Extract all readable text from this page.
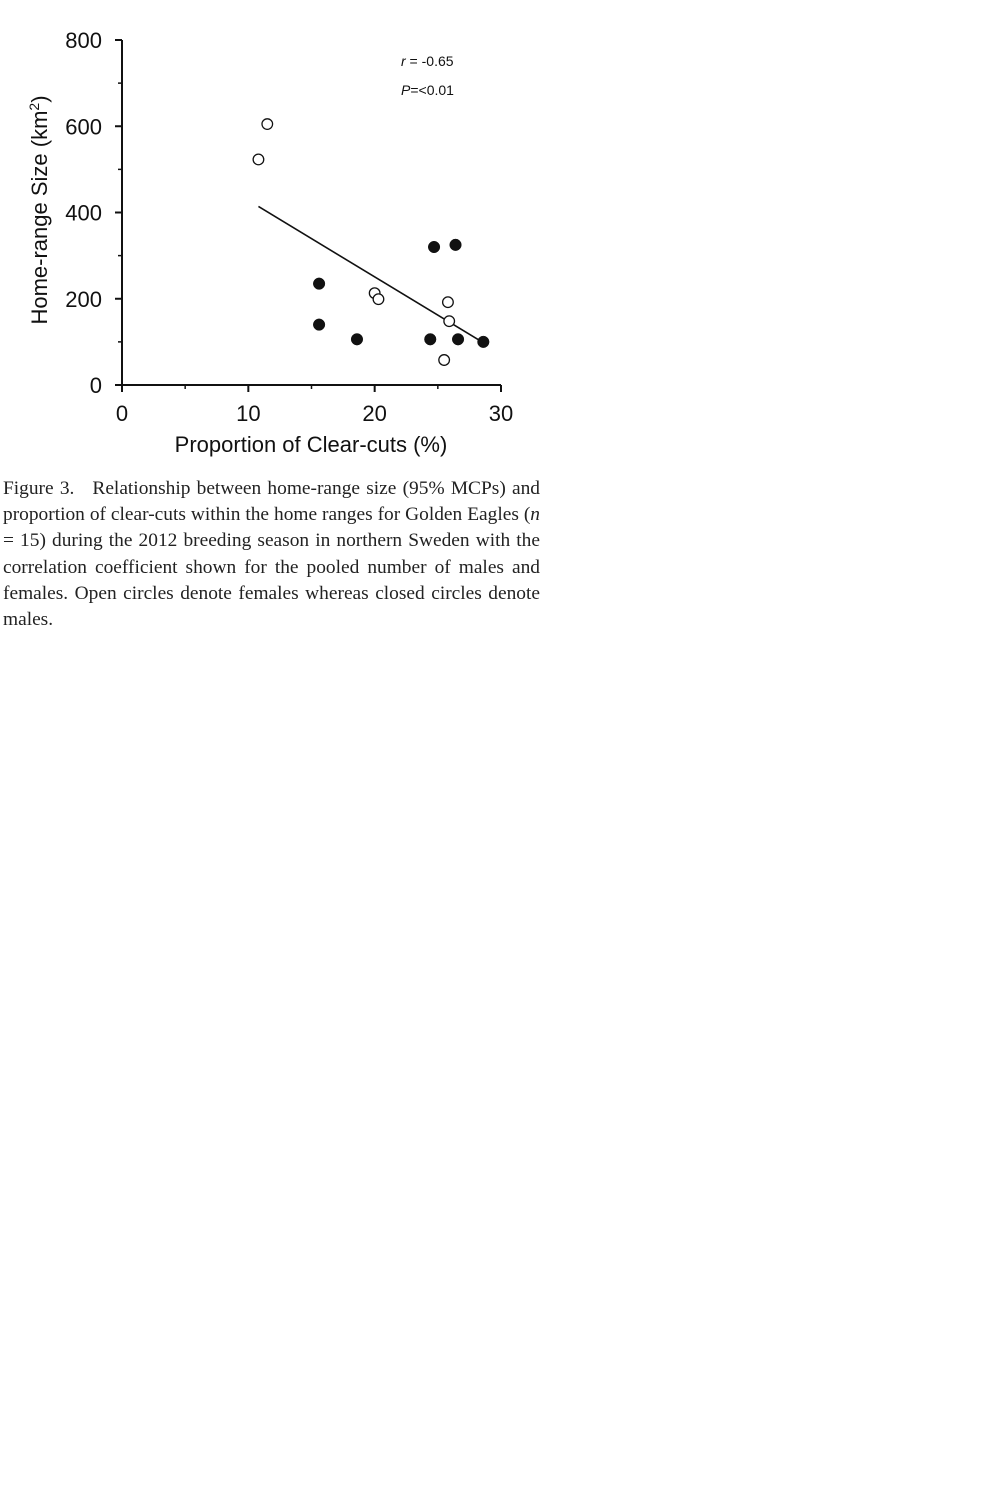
0
200
400
600
800
0	10	20	30
r = -0.65
P=<0.01
Proportion of Clear-cuts (%)
Home-range Size $(km^2)$

Figure 3. Relationship between home-range size (95% MCPs) and proportion of clear-cuts within the home ranges for Golden Eagles (n = 15) during the 2012 breeding season in northern Sweden with the correlation coefficient shown for the pooled number of males and females. Open circles denote females whereas closed circles denote males.
